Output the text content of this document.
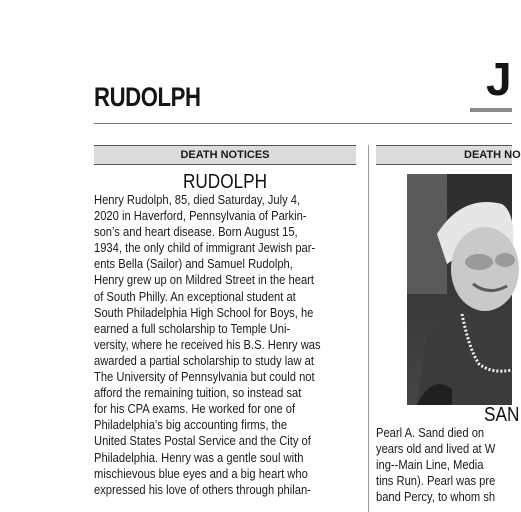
RUDOLPH	J
DEATH NOTICES	DEATH NO
RUDOLPH
Henry Rudolph, 85, died Saturday, July 4,
2020 in Haverford, Pennsylvania of Parkin-
son’s and heart disease. Born August 15,
1934, the only child of immigrant Jewish par-
ents Bella (Sailor) and Samuel Rudolph,
Henry grew up on Mildred Street in the heart
of South Philly. An exceptional student at
South Philadelphia High School for Boys, he
earned a full scholarship to Temple Uni-
versity, where he received his B.S. Henry was
awarded a partial scholarship to study law at
The University of Pennsylvania but could not
afford the remaining tuition, so instead sat
for his CPA exams. He worked for one of
Philadelphia’s big accounting firms, the
United States Postal Service and the City of
Philadelphia. Henry was a gentle soul with
mischievous blue eyes and a big heart who
expressed his love of others through philan-
SAN
Pearl A. Sand died on
years old and lived at W
ing--Main Line, Media
tins Run). Pearl was pre
band Percy, to whom sh
